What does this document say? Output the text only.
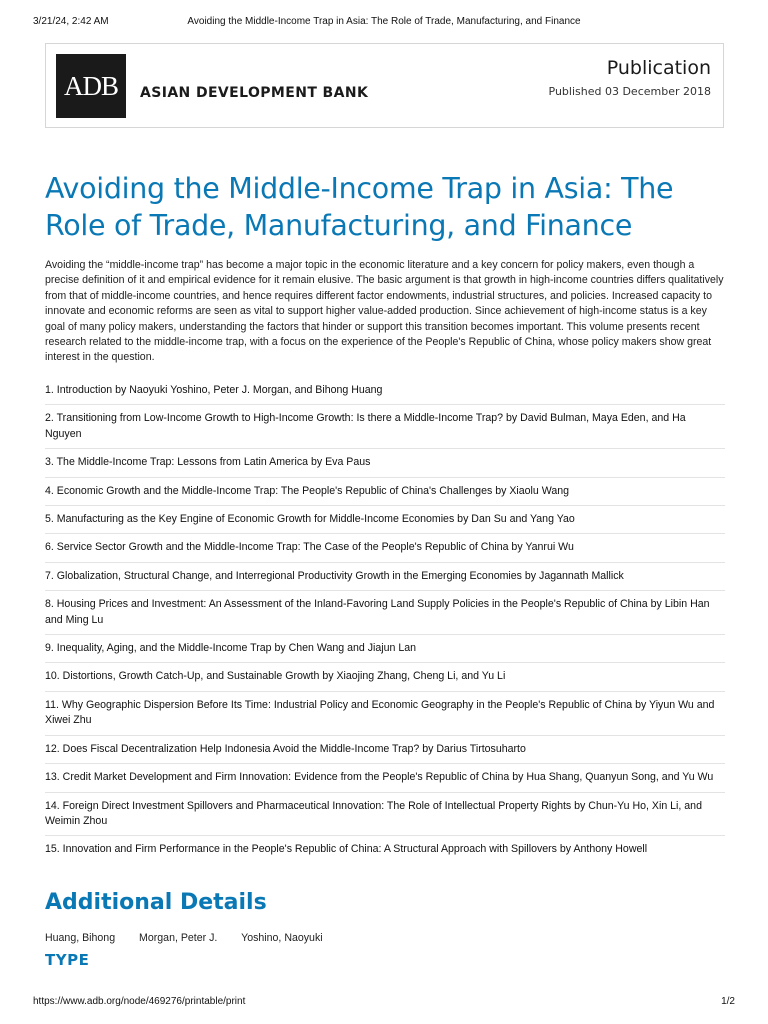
3/21/24, 2:42 AM	Avoiding the Middle-Income Trap in Asia: The Role of Trade, Manufacturing, and Finance
ADB	ASIAN DEVELOPMENT BANK
Publication
Published 03 December 2018
Avoiding the Middle-Income Trap in Asia: The Role of Trade, Manufacturing, and Finance

Avoiding the “middle-income trap” has become a major topic in the economic literature and a key concern for policy makers, even though a precise definition of it and empirical evidence for it remain elusive. The basic argument is that growth in high-income countries differs qualitatively from that of middle-income countries, and hence requires different factor endowments, industrial structures, and policies. Increased capacity to innovate and economic reforms are seen as vital to support higher value-added production. Since achievement of high-income status is a key goal of many policy makers, understanding the factors that hinder or support this transition becomes important. This volume presents recent research related to the middle-income trap, with a focus on the experience of the People's Republic of China, whose policy makers show great interest in the question.

1. Introduction by Naoyuki Yoshino, Peter J. Morgan, and Bihong Huang
2. Transitioning from Low-Income Growth to High-Income Growth: Is there a Middle-Income Trap? by David Bulman, Maya Eden, and Ha Nguyen
3. The Middle-Income Trap: Lessons from Latin America by Eva Paus
4. Economic Growth and the Middle-Income Trap: The People's Republic of China's Challenges by Xiaolu Wang
5. Manufacturing as the Key Engine of Economic Growth for Middle-Income Economies by Dan Su and Yang Yao
6. Service Sector Growth and the Middle-Income Trap: The Case of the People's Republic of China by Yanrui Wu
7. Globalization, Structural Change, and Interregional Productivity Growth in the Emerging Economies by Jagannath Mallick
8. Housing Prices and Investment: An Assessment of the Inland-Favoring Land Supply Policies in the People's Republic of China by Libin Han and Ming Lu
9. Inequality, Aging, and the Middle-Income Trap by Chen Wang and Jiajun Lan
10. Distortions, Growth Catch-Up, and Sustainable Growth by Xiaojing Zhang, Cheng Li, and Yu Li
11. Why Geographic Dispersion Before Its Time: Industrial Policy and Economic Geography in the People's Republic of China by Yiyun Wu and Xiwei Zhu
12. Does Fiscal Decentralization Help Indonesia Avoid the Middle-Income Trap? by Darius Tirtosuharto
13. Credit Market Development and Firm Innovation: Evidence from the People's Republic of China by Hua Shang, Quanyun Song, and Yu Wu
14. Foreign Direct Investment Spillovers and Pharmaceutical Innovation: The Role of Intellectual Property Rights by Chun-Yu Ho, Xin Li, and Weimin Zhou
15. Innovation and Firm Performance in the People's Republic of China: A Structural Approach with Spillovers by Anthony Howell
Additional Details
Huang, Bihong Morgan, Peter J. Yoshino, Naoyuki
TYPE
https://www.adb.org/node/469276/printable/print	1/2
